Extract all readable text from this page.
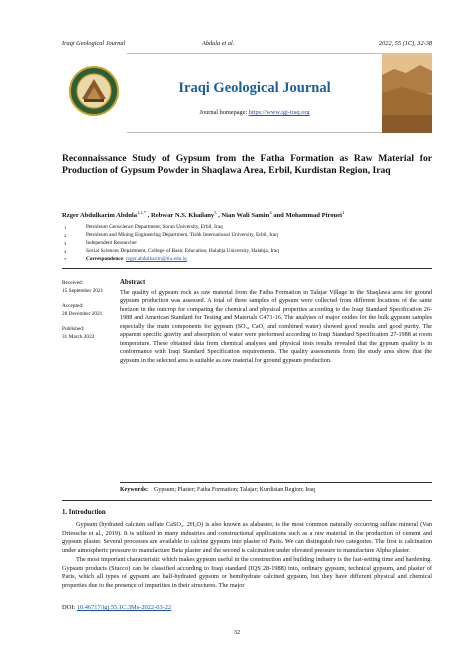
Iraqi Geological Journal	Abdula et al.	2022, 55 (1C), 32-38
Iraqi Geological Journal
Journal homepage: https://www.igj-iraq.org
Reconnaissance Study of Gypsum from the Fatha Formation as Raw Material for Production of Gypsum Powder in Shaqlawa Area, Erbil, Kurdistan Region, Iraq
Rzger Abdulkarim Abdula$^{1,2,*}$ , Rebwar N.S. Khailany$^3$ , Nian Wali Samin$^4$ and Mohammad Pirouei$^1$
1	Petroleum Geoscience Department, Soran University, Erbil, Iraq
2	Petroleum and Mining Engineering Department, Tishk International University, Erbil, Iraq
3	Independent Researcher
4	Social Sciences Department, College of Basic Education, Halabja University, Halabja, Iraq
*	Correspondence: rzger.abdulkarim@tiu.edu.iq
Received:
15 September 2021
Accepted:
28 December 2021
Published:
31 March 2022
Abstract
The quality of gypsum rock as raw material from the Fatha Formation in Talajar Village in the Shaqlawa area for ground gypsum production was assessed. A total of three samples of gypsum were collected from different locations of the same horizon in the outcrop for comparing the chemical and physical properties according to the Iraqi Standard Specification 26-1988 and American Standard for Testing and Materials C471-16. The analyses of major oxides for the bulk gypsum samples especially the main components for gypsum (SO₃, CaO, and combined water) showed good results and good purity. The apparent specific gravity and absorption of water were performed according to Iraqi Standard Specification 27-1988 at room temperature. These obtained data from chemical analyses and physical tests results revealed that the gypsum quality is in conformance with Iraqi Standard Specification requirements. The quality assessments from the study area show that the gypsum in the selected area is suitable as raw material for ground gypsum production.
Keywords: Gypsum; Plaster; Fatha Formation; Talajar; Kurdistan Region; Iraq
1. Introduction
Gypsum (hydrated calcium sulfate CaSO₄. 2H₂O) is also known as alabaster, is the most common naturally occurring sulfate mineral (Van Driessche et al., 2019). It is utilized in many industries and constructional applications such as a raw material in the production of cement and gypsum plaster. Several processes are available to calcine gypsum into plaster of Paris. We can distinguish two categories. The first is calcination under atmospheric pressure to manufacture Beta plaster and the second is calcination under elevated pressure to manufacture Alpha plaster.
The most important characteristic which makes gypsum useful in the construction and building industry is the fast-setting time and hardening. Gypsum products (Stucco) can be classified according to Iraqi standard (IQS 28-1988) into, ordinary gypsum, technical gypsum, and plaster of Paris, which all types of gypsum are half-hydrated gypsum or hemihydrate calcined gypsum, but they have different physical and chemical properties due to the presence of impurities in their structures. The major
DOI: 10.46717/igj.55.1C.3Ms-2022-03-22
32
